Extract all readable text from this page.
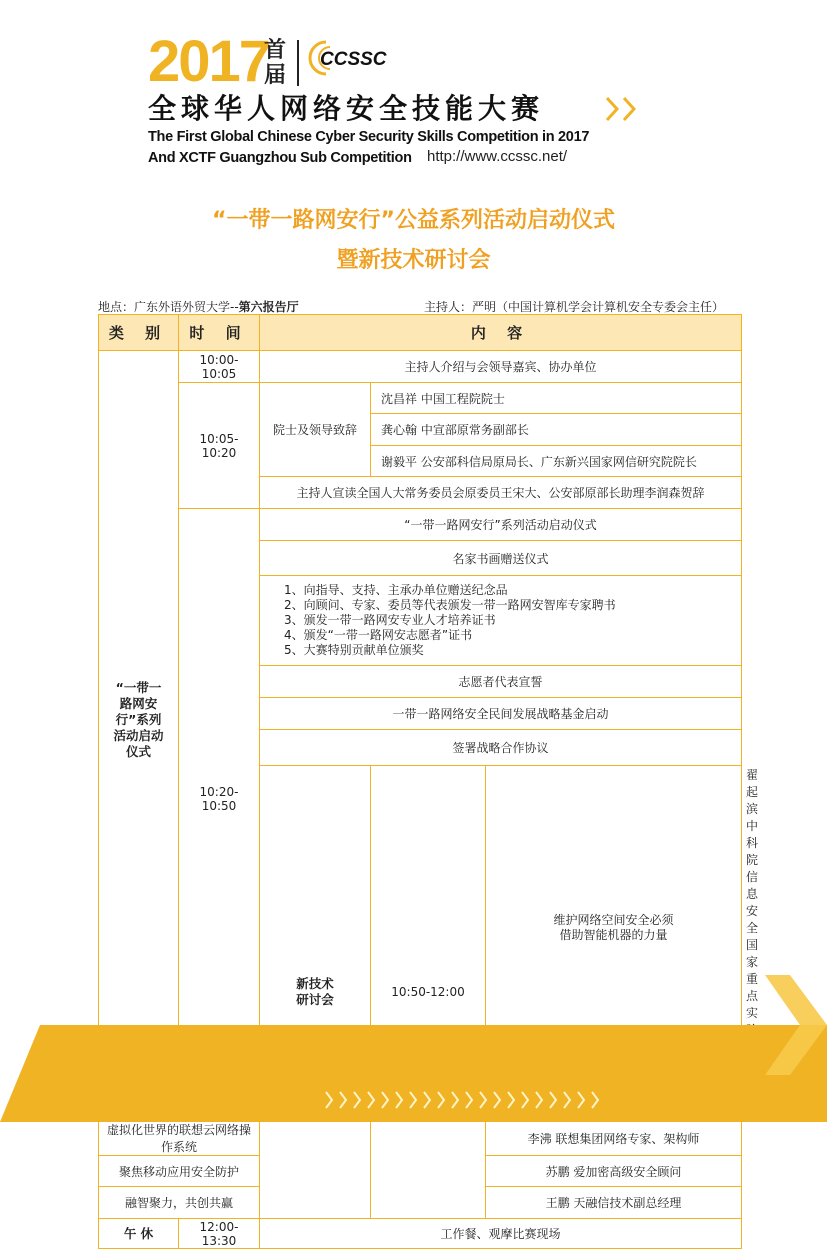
2017
首届
CCSSC
全球华人网络安全技能大赛
The First Global Chinese Cyber Security Skills Competition in 2017
And XCTF Guangzhou Sub Competition http://www.ccssc.net/
“一带一路网安行”公益系列活动启动仪式
暨新技术研讨会
地点：广东外语外贸大学--第六报告厅	主持人：严明（中国计算机学会计算机安全专委会主任）
类 别	时 间	内 容			

“一带一路网安行”系列活动启动仪式	10:00-10:05	主持人介绍与会领导嘉宾、协办单位			
	10:05-10:20	院士及领导致辞	沈昌祥 中国工程院院士		
			龚心翰 中宣部原常务副部长		
			谢毅平 公安部科信局原局长、广东新兴国家网信研究院院长		
		主持人宣读全国人大常务委员会原委员王宋大、公安部原部长助理李润森贺辞			
	10:20-10:50	“一带一路网安行”系列活动启动仪式			
		名家书画赠送仪式			

		1、向指导、支持、主承办单位赠送纪念品
2、向顾问、专家、委员等代表颁发一带一路网安智库专家聘书
3、颁发一带一路网安专业人才培养证书
4、颁发“一带一路网安志愿者”证书
5、大赛特别贡献单位颁奖			

		志愿者代表宣誓			
		一带一路网络安全民间发展战略基金启动			
		签署战略合作协议			

		新技术研讨会	10:50-12:00	维护网络空间安全必须借助智能机器的力量	翟起滨 中科院信息安全国家重点实

虚拟化世界的联想云网络操作系统				李沸 联想集团网络专家、架构师	
聚焦移动应用安全防护				苏鹏 爱加密高级安全顾问	
融智聚力，共创共赢				王鹏 天融信技术副总经理	
午 休	12:00-13:30	工作餐、观摩比赛现场			
